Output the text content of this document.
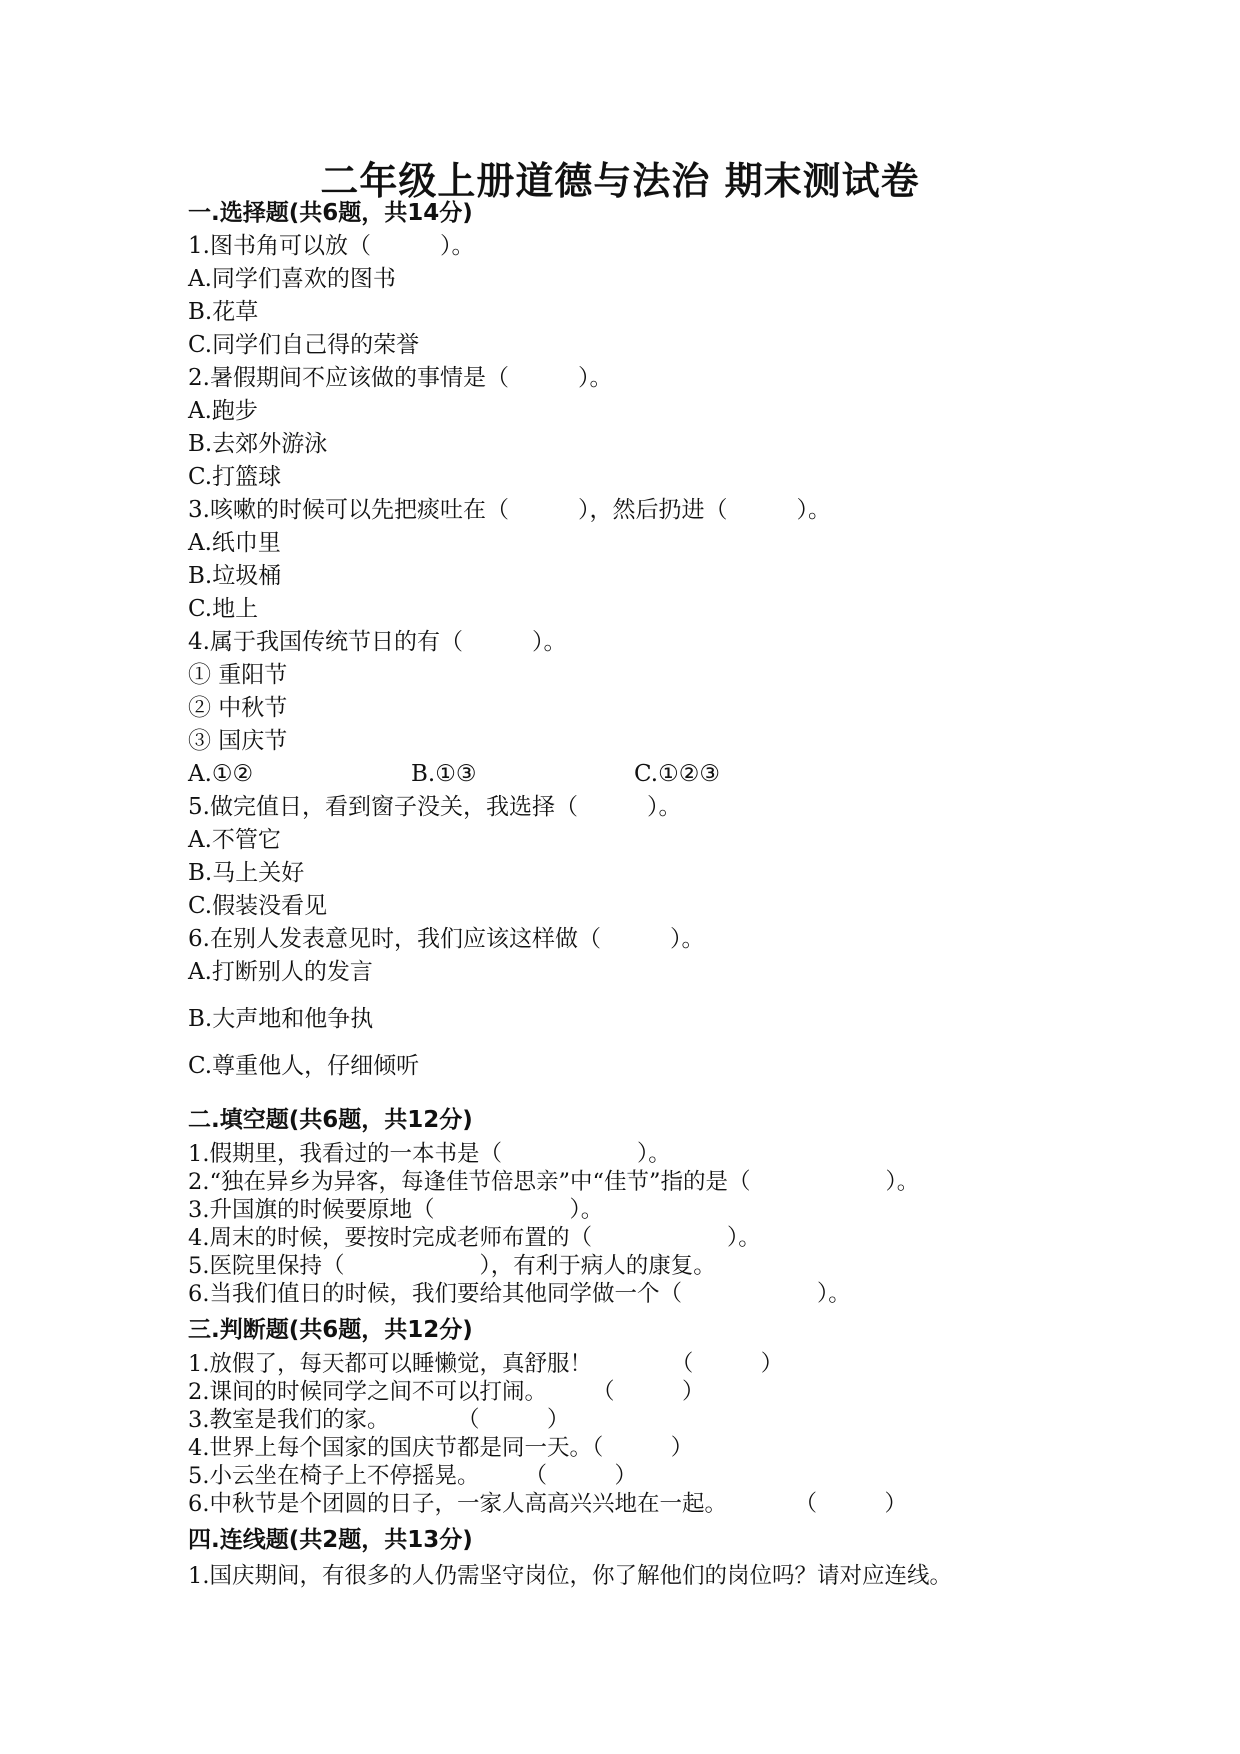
二年级上册道德与法治 期末测试卷
一.选择题(共6题，共14分)
1.图书角可以放（　　　）。
A.同学们喜欢的图书
B.花草
C.同学们自己得的荣誉
2.暑假期间不应该做的事情是（　　　）。
A.跑步
B.去郊外游泳
C.打篮球
3.咳嗽的时候可以先把痰吐在（　　　），然后扔进（　　　）。
A.纸巾里
B.垃圾桶
C.地上
4.属于我国传统节日的有（　　　）。
① 重阳节
② 中秋节
③ 国庆节
A.①②	B.①③	C.①②③
5.做完值日，看到窗子没关，我选择（　　　）。
A.不管它
B.马上关好
C.假装没看见
6.在别人发表意见时，我们应该这样做（　　　）。
A.打断别人的发言
B.大声地和他争执
C.尊重他人，仔细倾听
二.填空题(共6题，共12分)
1.假期里，我看过的一本书是（　　　　　　）。
2.“独在异乡为异客，每逢佳节倍思亲”中“佳节”指的是（　　　　　　）。
3.升国旗的时候要原地（　　　　　　）。
4.周末的时候，要按时完成老师布置的（　　　　　　）。
5.医院里保持（　　　　　　），有利于病人的康复。
6.当我们值日的时候，我们要给其他同学做一个（　　　　　　）。
三.判断题(共6题，共12分)
1.放假了，每天都可以睡懒觉，真舒服！　　　　（　　　）
2.课间的时候同学之间不可以打闹。　　　（　　　）
3.教室是我们的家。　　　　（　　　）
4.世界上每个国家的国庆节都是同一天。（　　　）
5.小云坐在椅子上不停摇晃。　　　（　　　）
6.中秋节是个团圆的日子，一家人高高兴兴地在一起。　　　　（　　　）
四.连线题(共2题，共13分)
1.国庆期间，有很多的人仍需坚守岗位，你了解他们的岗位吗？请对应连线。
